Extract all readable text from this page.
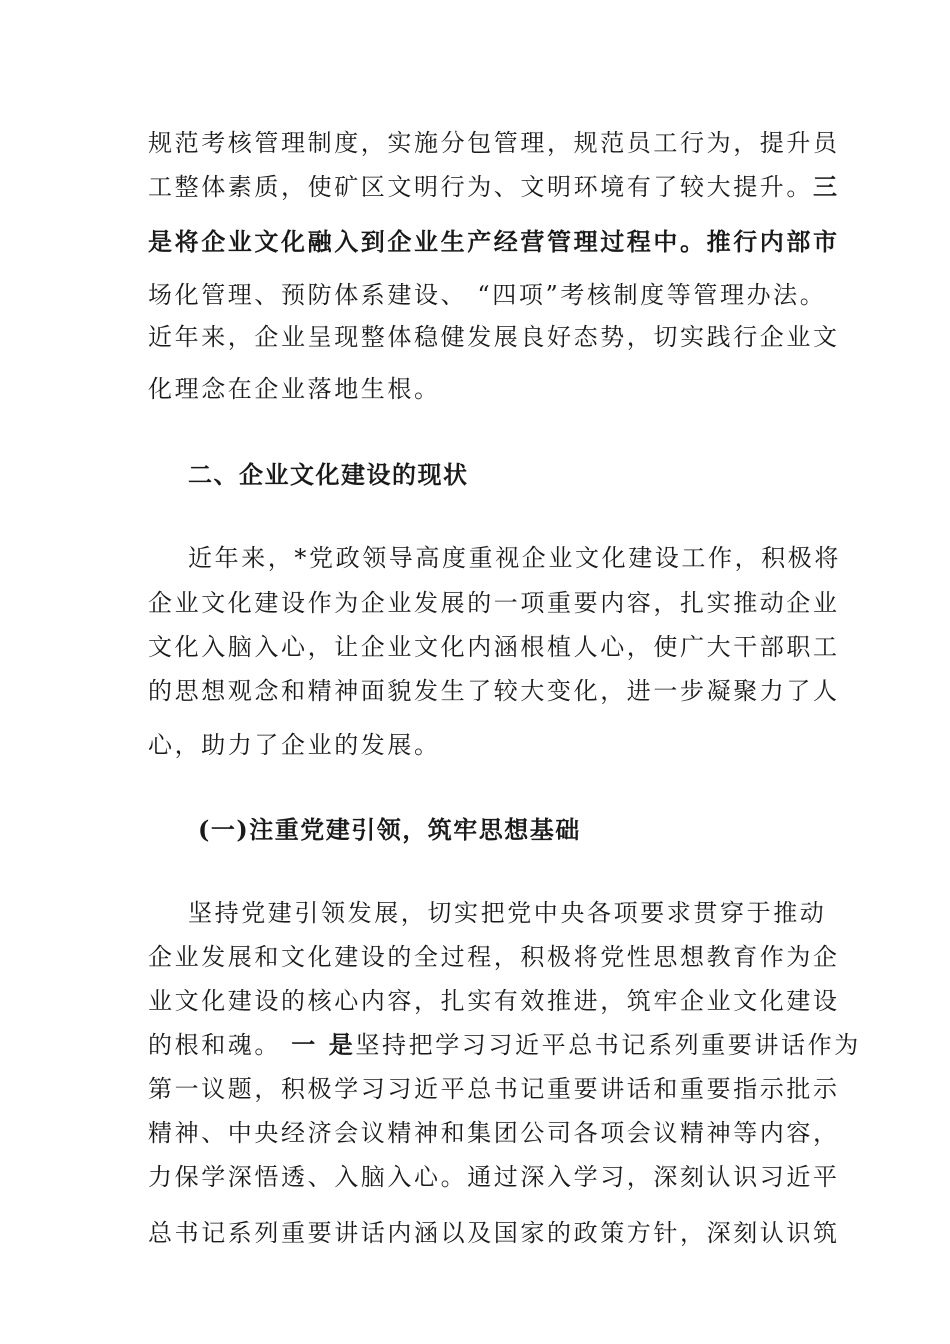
规范考核管理制度，实施分包管理，规范员工行为，提升员
工整体素质，使矿区文明行为、文明环境有了较大提升。三
是将企业文化融入到企业生产经营管理过程中。推行内部市
场化管理、预防体系建设、 “四项”考核制度等管理办法。
近年来，企业呈现整体稳健发展良好态势，切实践行企业文
化理念在企业落地生根。
二、企业文化建设的现状
近年来，*党政领导高度重视企业文化建设工作，积极将
企业文化建设作为企业发展的一项重要内容，扎实推动企业
文化入脑入心，让企业文化内涵根植人心，使广大干部职工
的思想观念和精神面貌发生了较大变化，进一步凝聚力了人
心，助力了企业的发展。
(一)注重党建引领，筑牢思想基础
坚持党建引领发展，切实把党中央各项要求贯穿于推动
企业发展和文化建设的全过程，积极将党性思想教育作为企
业文化建设的核心内容，扎实有效推进，筑牢企业文化建设
的根和魂。 一 是坚持把学习习近平总书记系列重要讲话作为
第一议题，积极学习习近平总书记重要讲话和重要指示批示
精神、中央经济会议精神和集团公司各项会议精神等内容，
力保学深悟透、入脑入心。通过深入学习，深刻认识习近平
总书记系列重要讲话内涵以及国家的政策方针，深刻认识筑
